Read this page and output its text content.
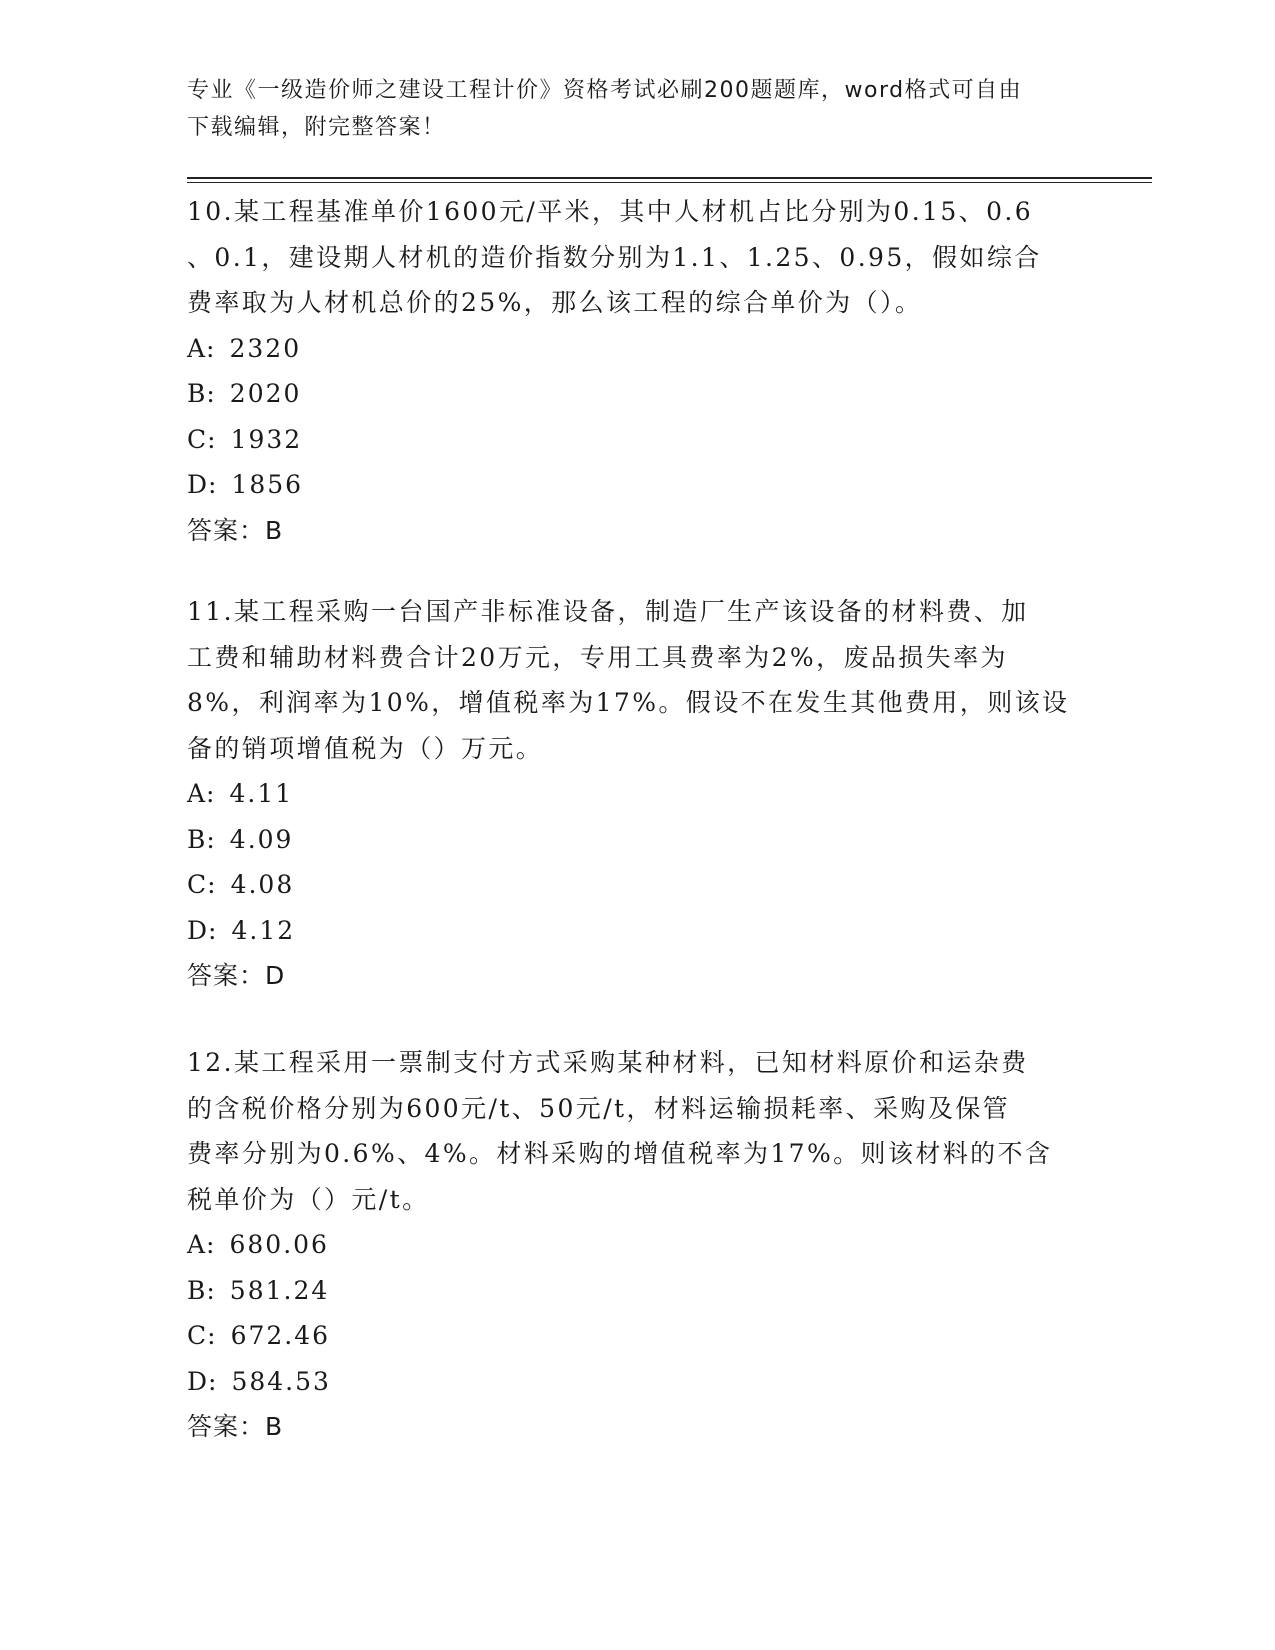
专业《一级造价师之建设工程计价》资格考试必刷200题题库，word格式可自由
下载编辑，附完整答案！

10.某工程基准单价1600元/平米，其中人材机占比分别为0.15、0.6

、0.1，建设期人材机的造价指数分别为1.1、1.25、0.95，假如综合

费率取为人材机总价的25%，那么该工程的综合单价为（）。

A: 2320

B: 2020

C: 1932

D: 1856

答案：B

11.某工程采购一台国产非标准设备，制造厂生产该设备的材料费、加

工费和辅助材料费合计20万元，专用工具费率为2%，废品损失率为

8%，利润率为10%，增值税率为17%。假设不在发生其他费用，则该设

备的销项增值税为（）万元。

A: 4.11

B: 4.09

C: 4.08

D: 4.12

答案：D

12.某工程采用一票制支付方式采购某种材料，已知材料原价和运杂费

的含税价格分别为600元/t、50元/t，材料运输损耗率、采购及保管

费率分别为0.6%、4%。材料采购的增值税率为17%。则该材料的不含

税单价为（）元/t。

A: 680.06

B: 581.24

C: 672.46

D: 584.53

答案：B
